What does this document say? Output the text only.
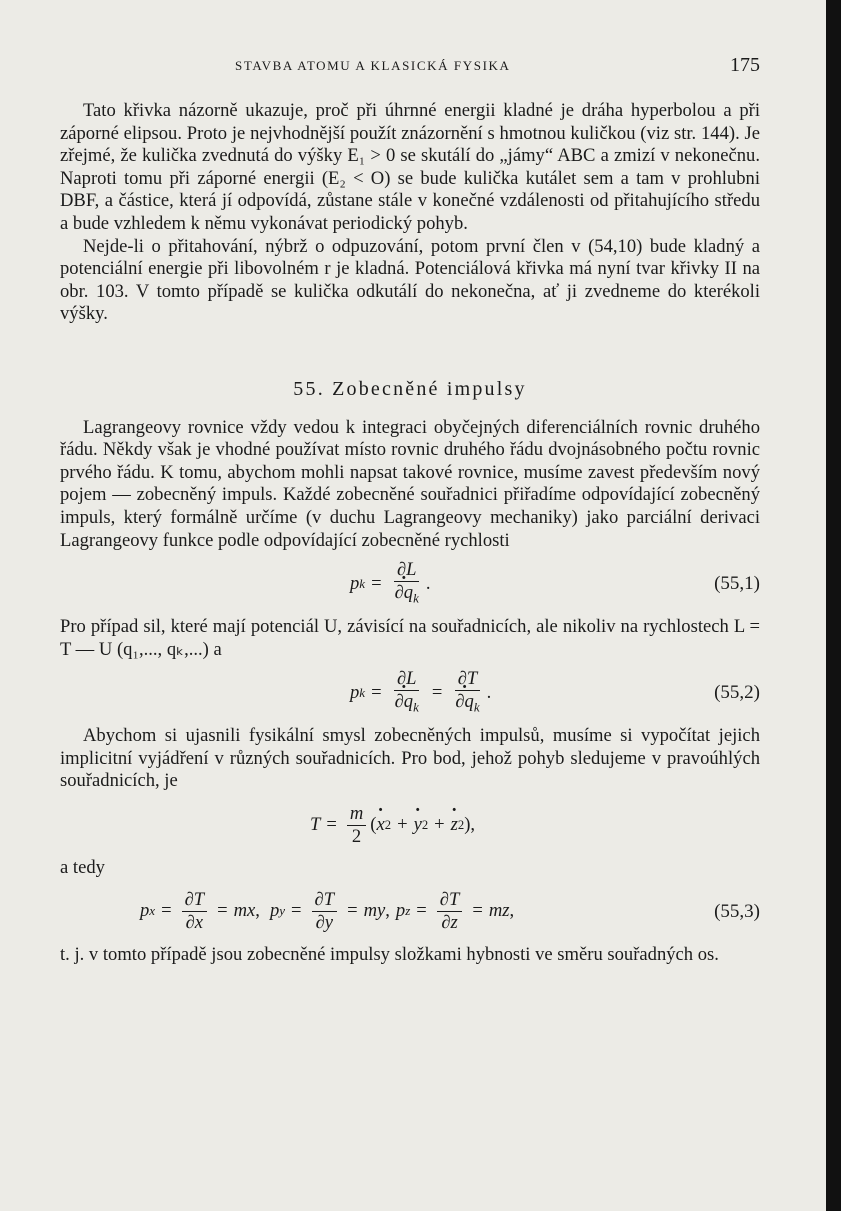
STAVBA ATOMU A KLASICKÁ FYSIKA	175

Tato křivka názorně ukazuje, proč při úhrnné energii kladné je dráha hyperbolou a při záporné elipsou. Proto je nejvhodnější použít znázornění s hmotnou kuličkou (viz str. 144). Je zřejmé, že kulička zvednutá do výšky E₁ > 0 se skutálí do „jámy“ ABC a zmizí v nekonečnu. Naproti tomu při záporné energii (E₂ < O) se bude kulička kutálet sem a tam v prohlubni DBF, a částice, která jí odpovídá, zůstane stále v konečné vzdálenosti od přitahujícího středu a bude vzhledem k němu vykonávat periodický pohyb.

Nejde-li o přitahování, nýbrž o odpuzování, potom první člen v (54,10) bude kladný a potenciální energie při libovolném r je kladná. Potenciálová křivka má nyní tvar křivky II na obr. 103. V tomto případě se kulička odkutálí do nekonečna, ať ji zvedneme do kterékoli výšky.

55. Zobecněné impulsy

Lagrangeovy rovnice vždy vedou k integraci obyčejných diferenciálních rovnic druhého řádu. Někdy však je vhodné používat místo rovnic druhého řádu dvojnásobného počtu rovnic prvého řádu. K tomu, abychom mohli napsat takové rovnice, musíme zavest především nový pojem — zobecněný impuls. Každé zobecněné souřadnici přiřadíme odpovídající zobecněný impuls, který formálně určíme (v duchu Lagrangeovy mechaniky) jako parciální derivaci Lagrangeovy funkce podle odpovídající zobecněné rychlosti

p $k = \frac{\partial L}{\partial q \cdot_k}$ .	(55,1)

Pro případ sil, které mají potenciál U, závisící na souřadnicích, ale nikoliv na rychlostech L = T — U (q₁,..., qₖ,...) a

p $k = \frac{\partial L}{\partial q \cdot_k} = \frac{\partial T}{\partial q \cdot_k}$ .	(55,2)

Abychom si ujasnili fysikální smysl zobecněných impulsů, musíme si vypočítat jejich implicitní vyjádření v různých souřadnicích. Pro bod, jehož pohyb sledujeme v pravoúhlých souřadnicích, je

$T = \frac{m}{2}$ ( x · 2 + y · 2 + z · 2 ),

a tedy

p $x = \frac{\partial T}{\partial x}$ = mx , p $y = \frac{\partial T}{\partial y}$ = my , p $z = \frac{\partial T}{\partial z}$ = mz ,	(55,3)

t. j. v tomto případě jsou zobecněné impulsy složkami hybnosti ve směru souřadných os.
